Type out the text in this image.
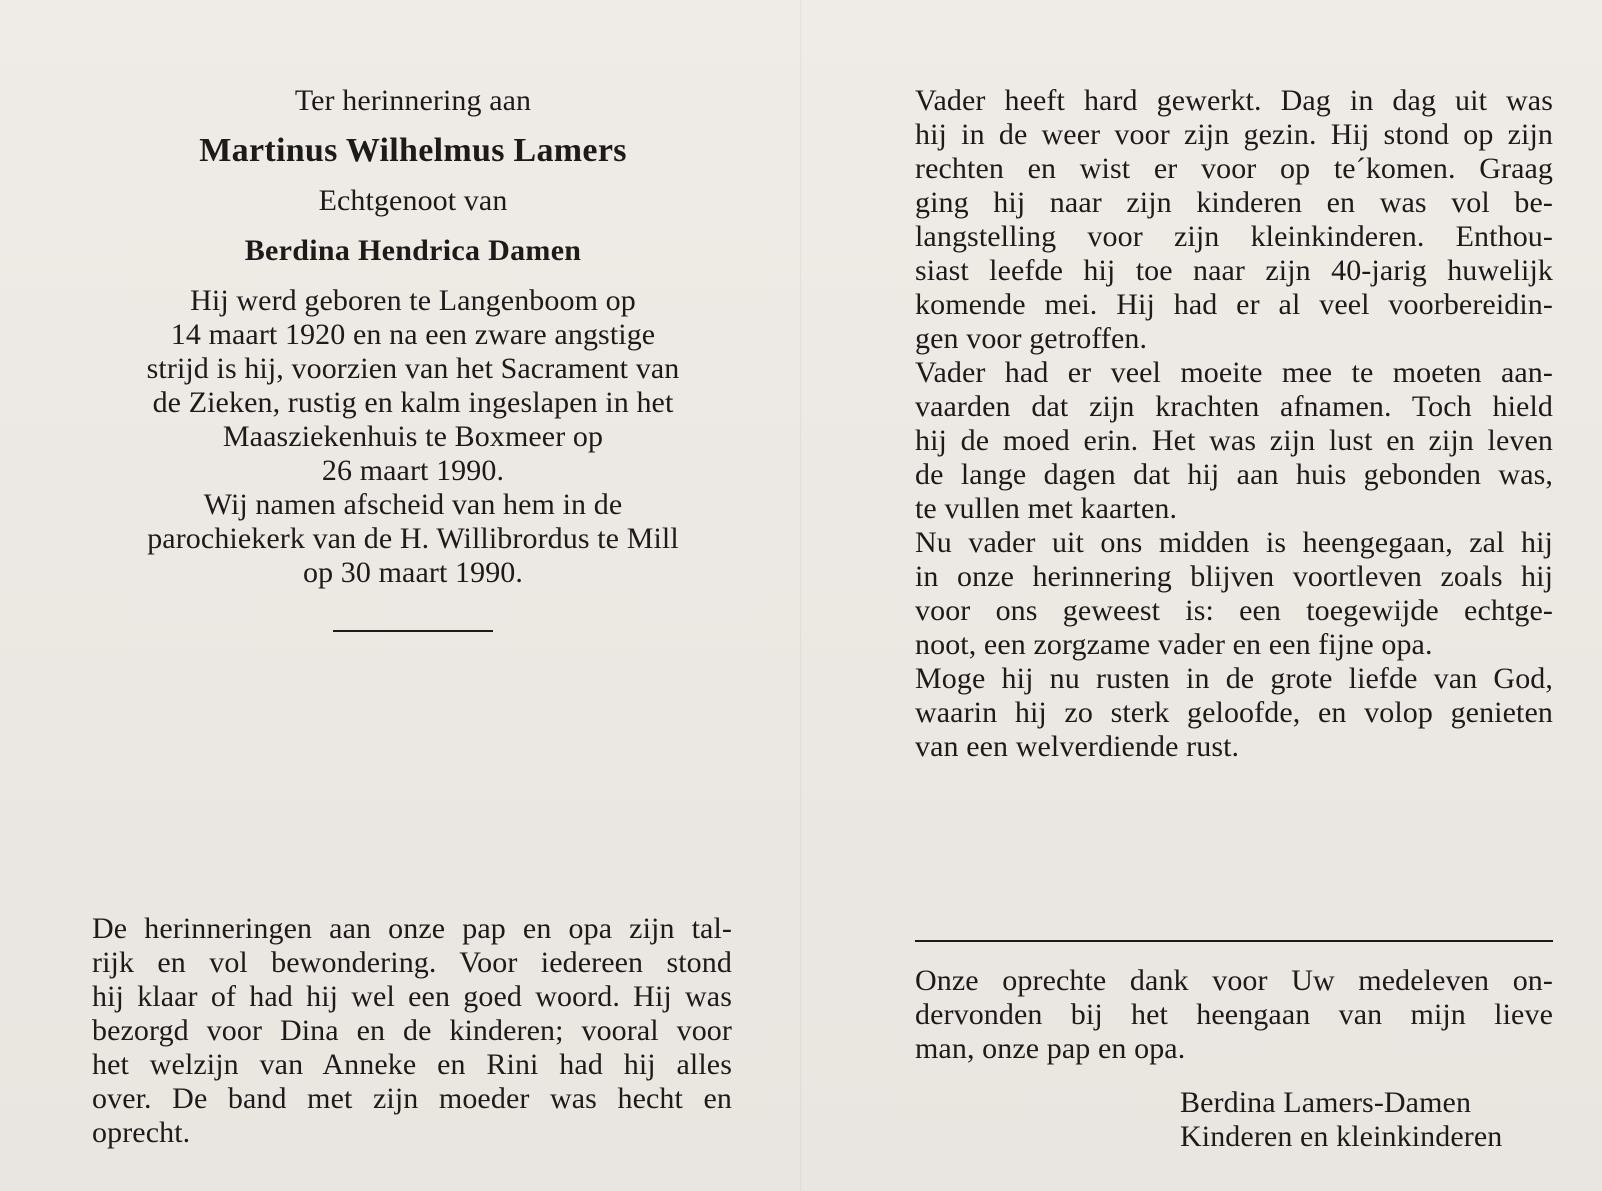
Ter herinnering aan
Martinus Wilhelmus Lamers
Echtgenoot van
Berdina Hendrica Damen
Hij werd geboren te Langenboom op
14 maart 1920 en na een zware angstige
strijd is hij, voorzien van het Sacrament van
de Zieken, rustig en kalm ingeslapen in het
Maasziekenhuis te Boxmeer op
26 maart 1990.
Wij namen afscheid van hem in de
parochiekerk van de H. Willibrordus te Mill
op 30 maart 1990.
De herinneringen aan onze pap en opa zijn tal-
rijk en vol bewondering. Voor iedereen stond
hij klaar of had hij wel een goed woord. Hij was
bezorgd voor Dina en de kinderen; vooral voor
het welzijn van Anneke en Rini had hij alles
over. De band met zijn moeder was hecht en
oprecht.
Vader heeft hard gewerkt. Dag in dag uit was
hij in de weer voor zijn gezin. Hij stond op zijn
rechten en wist er voor op te´komen. Graag
ging hij naar zijn kinderen en was vol be-
langstelling voor zijn kleinkinderen. Enthou-
siast leefde hij toe naar zijn 40-jarig huwelijk
komende mei. Hij had er al veel voorbereidin-
gen voor getroffen.
Vader had er veel moeite mee te moeten aan-
vaarden dat zijn krachten afnamen. Toch hield
hij de moed erin. Het was zijn lust en zijn leven
de lange dagen dat hij aan huis gebonden was,
te vullen met kaarten.
Nu vader uit ons midden is heengegaan, zal hij
in onze herinnering blijven voortleven zoals hij
voor ons geweest is: een toegewijde echtge-
noot, een zorgzame vader en een fijne opa.
Moge hij nu rusten in de grote liefde van God,
waarin hij zo sterk geloofde, en volop genieten
van een welverdiende rust.
Onze oprechte dank voor Uw medeleven on-
dervonden bij het heengaan van mijn lieve
man, onze pap en opa.
Berdina Lamers-Damen
Kinderen en kleinkinderen
